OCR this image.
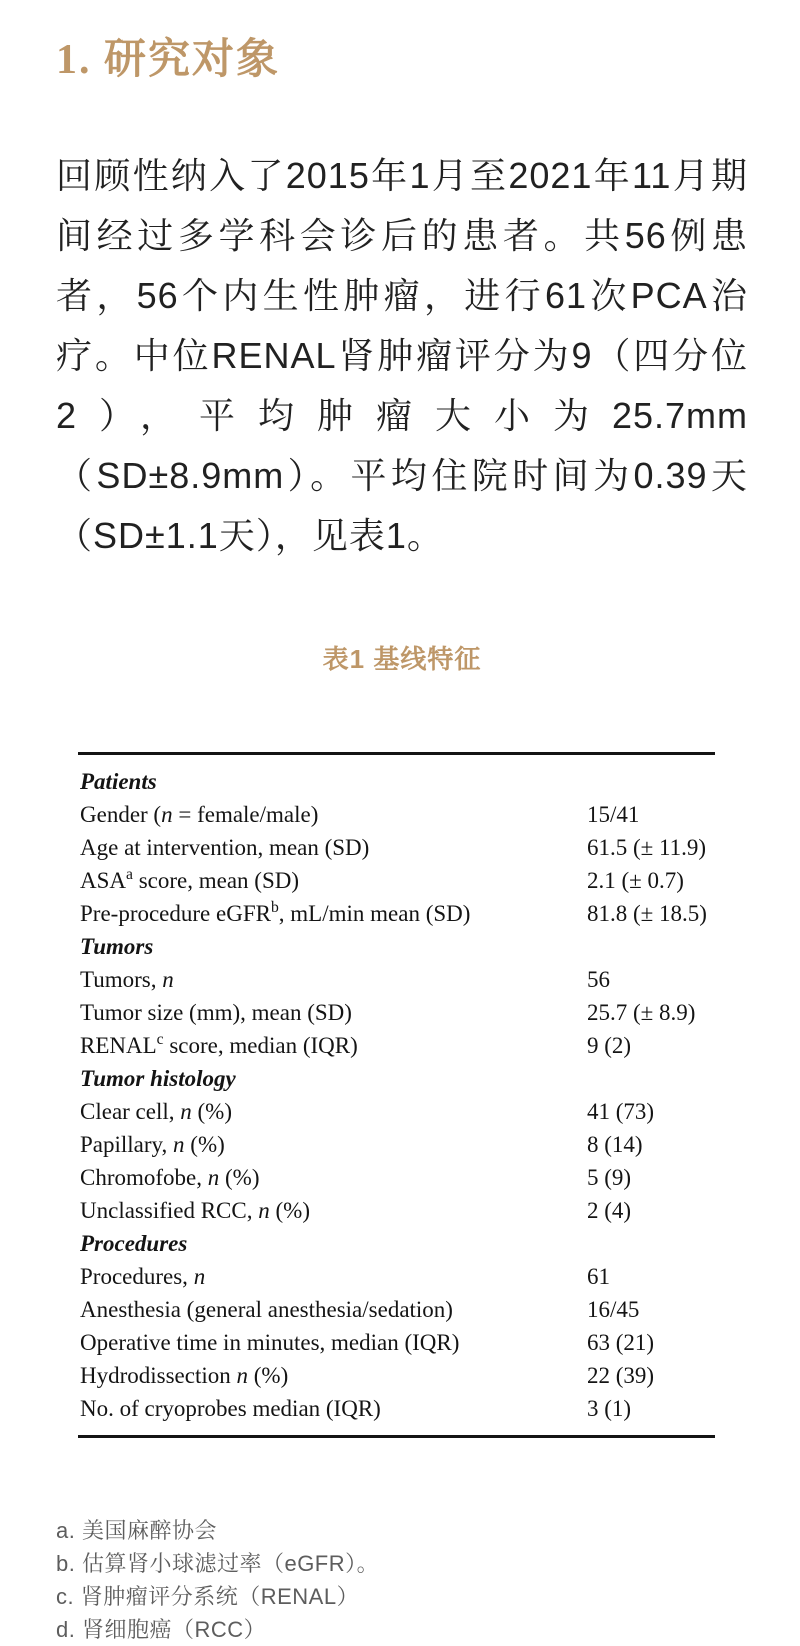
1. 研究对象

回顾性纳入了2015年1月至2021年11月期间经过多学科会诊后的患者。共56例患者，56个内生性肿瘤，进行61次PCA治疗。中位RENAL肾肿瘤评分为9（四分位2），平均肿瘤大小为25.7mm（SD±8.9mm）。平均住院时间为0.39天（SD±1.1天），见表1。

表1 基线特征
Patients
Gender (n = female/male)	15/41
Age at intervention, mean (SD)	61.5 (± 11.9)
ASA$^a$ score, mean (SD)	2.1 (± 0.7)
Pre-procedure eGFR$^b$, mL/min mean (SD)	81.8 (± 18.5)
Tumors
Tumors, n	56
Tumor size (mm), mean (SD)	25.7 (± 8.9)
RENAL$^c$ score, median (IQR)	9 (2)
Tumor histology
Clear cell, n (%)	41 (73)
Papillary, n (%)	8 (14)
Chromofobe, n (%)	5 (9)
Unclassified RCC, n (%)	2 (4)
Procedures
Procedures, n	61
Anesthesia (general anesthesia/sedation)	16/45
Operative time in minutes, median (IQR)	63 (21)
Hydrodissection n (%)	22 (39)
No. of cryoprobes median (IQR)	3 (1)
a. 美国麻醉协会
b. 估算肾小球滤过率（eGFR）。
c. 肾肿瘤评分系统（RENAL）
d. 肾细胞癌（RCC）
